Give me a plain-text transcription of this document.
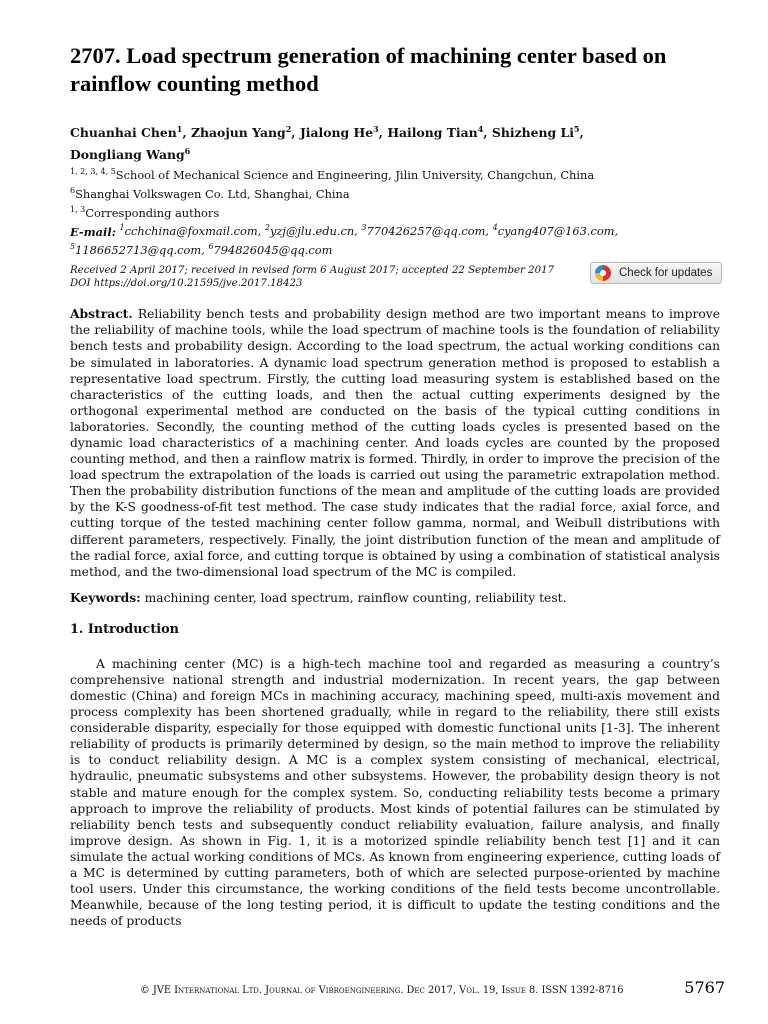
2707. Load spectrum generation of machining center based on rainflow counting method

Chuanhai Chen$^1$, Zhaojun Yang$^2$, Jialong He$^3$, Hailong Tian$^4$, Shizheng Li$^5$,
Dongliang Wang$^6$

$^{1, 2, 3, 4, 5}$School of Mechanical Science and Engineering, Jilin University, Changchun, China

$^6$Shanghai Volkswagen Co. Ltd, Shanghai, China

$^{1, 3}$Corresponding authors

E-mail: $^1$cchchina@foxmail.com, $^2$yzj@jlu.edu.cn, $^3$770426257@qq.com, $^4$cyang407@163.com,
$^5$1186652713@qq.com, $^6$794826045@qq.com

Received 2 April 2017; received in revised form 6 August 2017; accepted 22 September 2017

DOI https://doi.org/10.21595/jve.2017.18423

Check for updates

Abstract. Reliability bench tests and probability design method are two important means to improve the reliability of machine tools, while the load spectrum of machine tools is the foundation of reliability bench tests and probability design. According to the load spectrum, the actual working conditions can be simulated in laboratories. A dynamic load spectrum generation method is proposed to establish a representative load spectrum. Firstly, the cutting load measuring system is established based on the characteristics of the cutting loads, and then the actual cutting experiments designed by the orthogonal experimental method are conducted on the basis of the typical cutting conditions in laboratories. Secondly, the counting method of the cutting loads cycles is presented based on the dynamic load characteristics of a machining center. And loads cycles are counted by the proposed counting method, and then a rainflow matrix is formed. Thirdly, in order to improve the precision of the load spectrum the extrapolation of the loads is carried out using the parametric extrapolation method. Then the probability distribution functions of the mean and amplitude of the cutting loads are provided by the K-S goodness-of-fit test method. The case study indicates that the radial force, axial force, and cutting torque of the tested machining center follow gamma, normal, and Weibull distributions with different parameters, respectively. Finally, the joint distribution function of the mean and amplitude of the radial force, axial force, and cutting torque is obtained by using a combination of statistical analysis method, and the two-dimensional load spectrum of the MC is compiled.

Keywords: machining center, load spectrum, rainflow counting, reliability test.

1. Introduction

A machining center (MC) is a high-tech machine tool and regarded as measuring a country’s comprehensive national strength and industrial modernization. In recent years, the gap between domestic (China) and foreign MCs in machining accuracy, machining speed, multi-axis movement and process complexity has been shortened gradually, while in regard to the reliability, there still exists considerable disparity, especially for those equipped with domestic functional units [1-3]. The inherent reliability of products is primarily determined by design, so the main method to improve the reliability is to conduct reliability design. A MC is a complex system consisting of mechanical, electrical, hydraulic, pneumatic subsystems and other subsystems. However, the probability design theory is not stable and mature enough for the complex system. So, conducting reliability tests become a primary approach to improve the reliability of products. Most kinds of potential failures can be stimulated by reliability bench tests and subsequently conduct reliability evaluation, failure analysis, and finally improve design. As shown in Fig. 1, it is a motorized spindle reliability bench test [1] and it can simulate the actual working conditions of MCs. As known from engineering experience, cutting loads of a MC is determined by cutting parameters, both of which are selected purpose-oriented by machine tool users. Under this circumstance, the working conditions of the field tests become uncontrollable. Meanwhile, because of the long testing period, it is difficult to update the testing conditions and the needs of products

© JVE International Ltd. Journal of Vibroengineering. Dec 2017, Vol. 19, Issue 8. ISSN 1392-8716	5767
